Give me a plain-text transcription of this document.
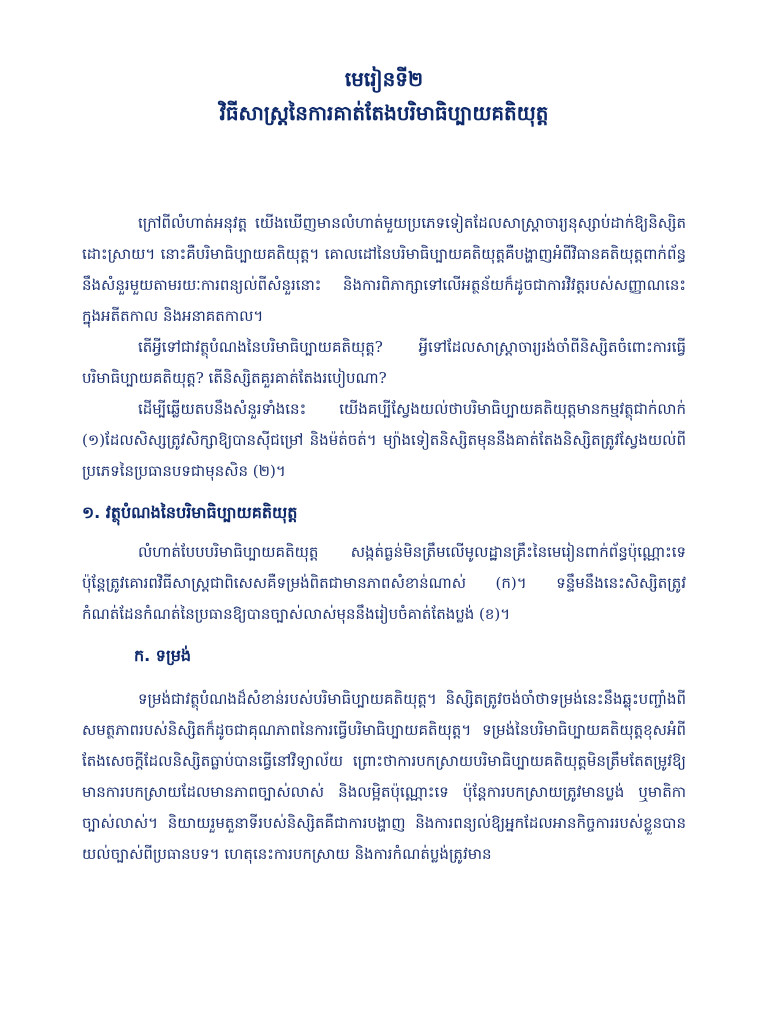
មេរៀនទី២
វិធីសាស្ត្រនៃការគាត់តែងបរិមាធិប្បាយគតិយុត្ត

ក្រៅពីលំហាត់អនុវត្ត យើងឃើញមានលំហាត់មួយប្រភេទទៀតដែលសាស្ត្រាចារ្យនុស្សាប់ដាក់ឱ្យនិស្សិតដោះស្រាយ។ នោះគឺបរិមាធិប្បាយគតិយុត្ត។ គោលដៅនៃបរិមាធិប្បាយគតិយុត្តគឺបង្ហាញអំពីវិធានគតិយុត្តពាក់ព័ន្ធនឹងសំនួរមួយតាមរយៈការពន្យល់ពីសំនួរនោះ និងការពិភាក្សាទៅលើអត្ថន័យក៏ដូចជាការវិវត្តរបស់សញ្ញាណនេះក្នុងអតីតកាល និងអនាគតកាល។

តើអ្វីទៅជាវត្ថុបំណងនៃបរិមាធិប្បាយគតិយុត្ត? អ្វីទៅដែលសាស្ត្រាចារ្យរង់ចាំពីនិស្សិតចំពោះការធ្វើបរិមាធិប្បាយគតិយុត្ត? តើនិស្សិតគួរគាត់តែងរបៀបណា?

ដើម្បីឆ្លើយតបនឹងសំនួរទាំងនេះ យើងគប្បីស្វែងយល់ថាបរិមាធិប្បាយគតិយុត្តមានកម្មវត្ថុជាក់លាក់ (១)ដែលសិស្សត្រូវសិក្សាឱ្យបានស៊ីជម្រៅ និងម៉ត់ចត់។ ម្យ៉ាងទៀតនិស្សិតមុននឹងគាត់តែងនិស្សិតត្រូវស្វែងយល់ពីប្រភេទនៃប្រធានបទជាមុនសិន (២)។

១. វត្ថុបំណងនៃបរិមាធិប្បាយគតិយុត្ត

លំហាត់បែបបរិមាធិប្បាយគតិយុត្ត សង្កត់ធ្ងន់មិនត្រឹមលើមូលដ្ឋានគ្រឹះនៃមេរៀនពាក់ព័ន្ធប៉ុណ្ណោះទេ ប៉ុន្តែត្រូវគោរពវិធីសាស្ត្រជាពិសេសគឺទម្រង់ពិតជាមានភាពសំខាន់ណាស់ (ក)។ ទន្ទឹមនឹងនេះសិស្សិតត្រូវកំណត់ដែនកំណត់នៃប្រធានឱ្យបានច្បាស់លាស់មុននឹងរៀបចំគាត់តែងប្លង់ (ខ)។

ក. ទម្រង់

ទម្រង់ជាវត្ថុបំណងដ៏សំខាន់របស់បរិមាធិប្បាយគតិយុត្ត។ និស្សិតត្រូវចង់ចាំថាទម្រង់នេះនឹងឆ្លុះបញ្ចាំងពីសមត្ថភាពរបស់និស្សិតក៏ដូចជាគុណភាពនៃការធ្វើបរិមាធិប្បាយគតិយុត្ត។ ទម្រង់នៃបរិមាធិប្បាយគតិយុត្តខុសអំពីតែងសេចក្តីដែលនិស្សិតធ្លាប់បានធ្វើនៅវិទ្យាល័យ ព្រោះថាការបកស្រាយបរិមាធិប្បាយគតិយុត្តមិនត្រឹមតែតម្រូវឱ្យមានការបកស្រាយដែលមានភាពច្បាស់លាស់ និងលម្អិតប៉ុណ្ណោះទេ ប៉ុន្តែការបកស្រាយត្រូវមានប្លង់ ឬមាតិកាច្បាស់លាស់។ និយាយរួមតួនាទីរបស់និស្សិតគឺជាការបង្ហាញ និងការពន្យល់ឱ្យអ្នកដែលអានកិច្ចការរបស់ខ្លួនបានយល់ច្បាស់ពីប្រធានបទ។ ហេតុនេះការបកស្រាយ និងការកំណត់ប្លង់ត្រូវមាន
